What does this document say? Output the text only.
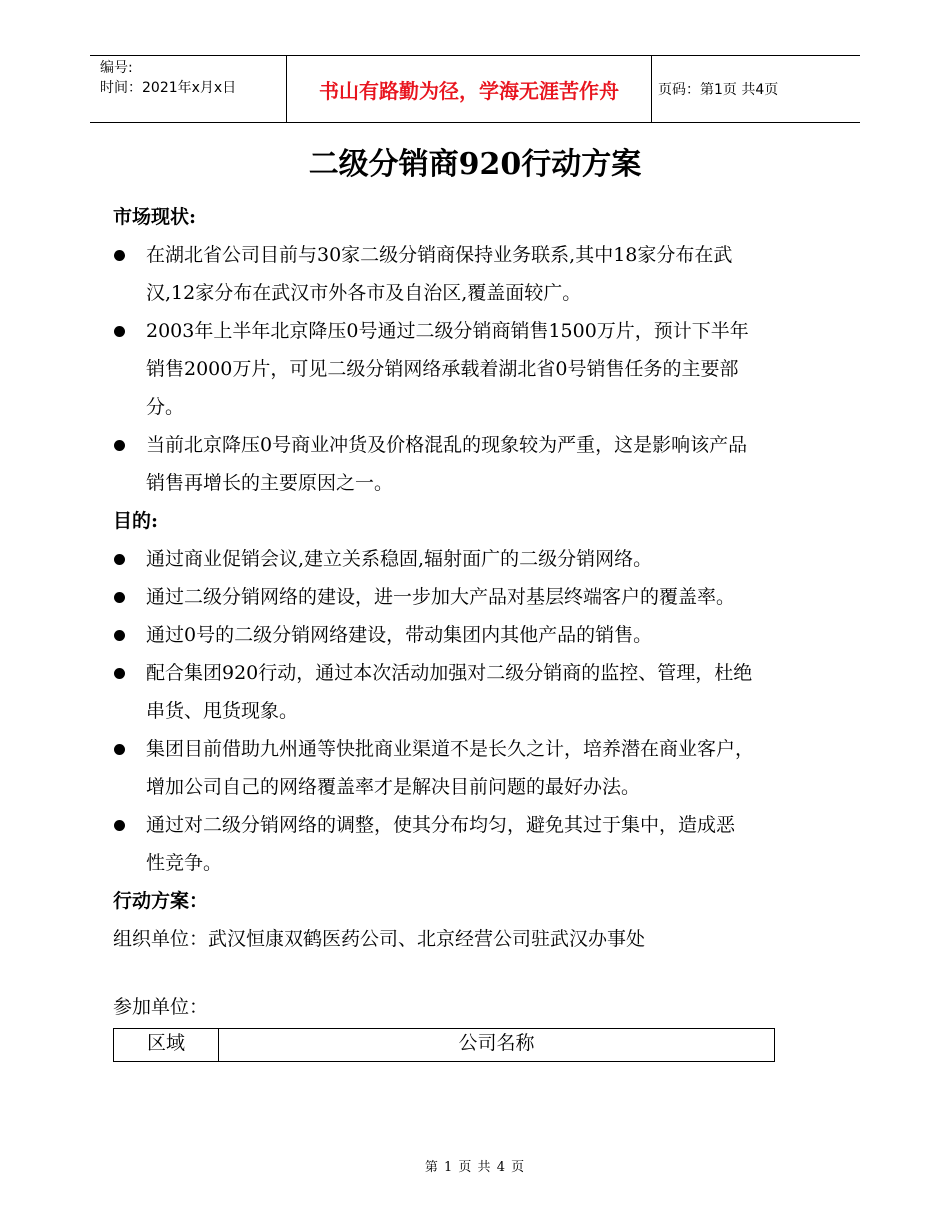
编号:
时间：2021年x月x日	书山有路勤为径，学海无涯苦作舟	页码：第1页 共4页
二级分销商920行动方案
市场现状:
在湖北省公司目前与30家二级分销商保持业务联系,其中18家分布在武
汉,12家分布在武汉市外各市及自治区,覆盖面较广。
2003年上半年北京降压0号通过二级分销商销售1500万片，预计下半年
销售2000万片，可见二级分销网络承载着湖北省0号销售任务的主要部
分。
当前北京降压0号商业冲货及价格混乱的现象较为严重，这是影响该产品
销售再增长的主要原因之一。
目的:
通过商业促销会议,建立关系稳固,辐射面广的二级分销网络。
通过二级分销网络的建设，进一步加大产品对基层终端客户的覆盖率。
通过0号的二级分销网络建设，带动集团内其他产品的销售。
配合集团920行动，通过本次活动加强对二级分销商的监控、管理，杜绝
串货、甩货现象。
集团目前借助九州通等快批商业渠道不是长久之计，培养潜在商业客户，
增加公司自己的网络覆盖率才是解决目前问题的最好办法。
通过对二级分销网络的调整，使其分布均匀，避免其过于集中，造成恶
性竞争。
行动方案：
组织单位：武汉恒康双鹤医药公司、北京经营公司驻武汉办事处
参加单位：
区域	公司名称
第 1 页 共 4 页
